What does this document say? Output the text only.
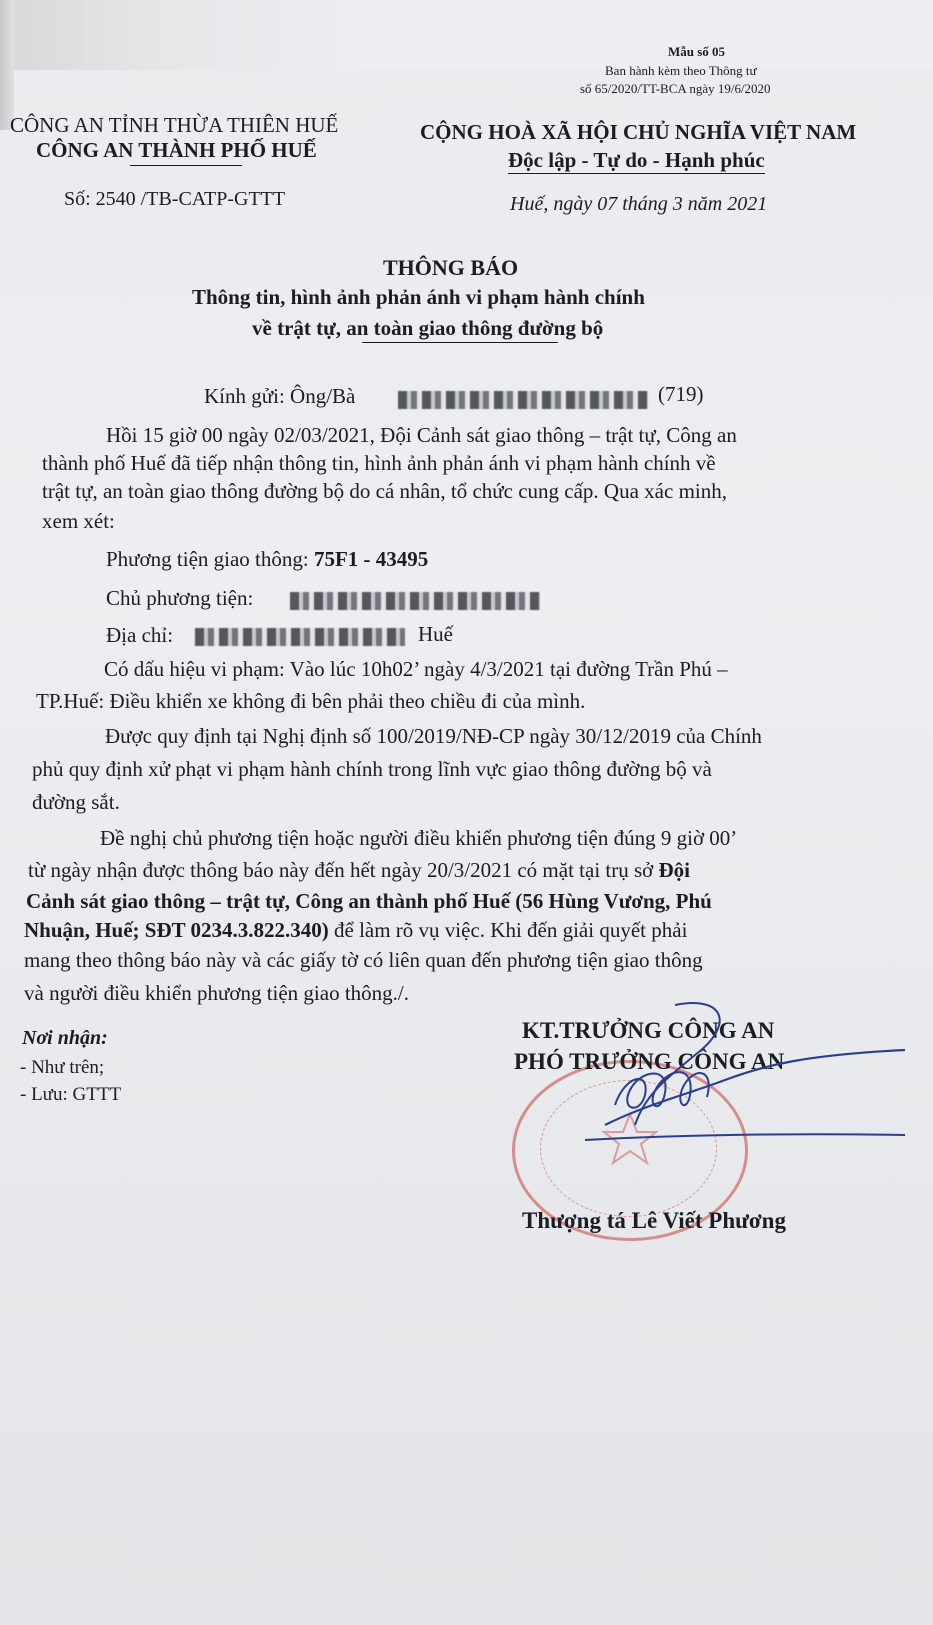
Mẫu số 05
Ban hành kèm theo Thông tư
số 65/2020/TT-BCA ngày 19/6/2020
CÔNG AN TỈNH THỪA THIÊN HUẾ
CÔNG AN THÀNH PHỐ HUẾ
Số: 2540 /TB-CATP-GTTT
CỘNG HOÀ XÃ HỘI CHỦ NGHĨA VIỆT NAM
Độc lập - Tự do - Hạnh phúc
Huế, ngày 07 tháng 3 năm 2021
THÔNG BÁO
Thông tin, hình ảnh phản ánh vi phạm hành chính
về trật tự, an toàn giao thông đường bộ
Kính gửi: Ông/Bà	(719)
Hồi 15 giờ 00 ngày 02/03/2021, Đội Cảnh sát giao thông – trật tự, Công an
thành phố Huế đã tiếp nhận thông tin, hình ảnh phản ánh vi phạm hành chính về
trật tự, an toàn giao thông đường bộ do cá nhân, tổ chức cung cấp. Qua xác minh,
xem xét:
Phương tiện giao thông: 75F1 - 43495
Chủ phương tiện:
Địa chỉ:	Huế
Có dấu hiệu vi phạm: Vào lúc 10h02’ ngày 4/3/2021 tại đường Trần Phú –
TP.Huế: Điều khiển xe không đi bên phải theo chiều đi của mình.
Được quy định tại Nghị định số 100/2019/NĐ-CP ngày 30/12/2019 của Chính
phủ quy định xử phạt vi phạm hành chính trong lĩnh vực giao thông đường bộ và
đường sắt.
Đề nghị chủ phương tiện hoặc người điều khiển phương tiện đúng 9 giờ 00’
từ ngày nhận được thông báo này đến hết ngày 20/3/2021 có mặt tại trụ sở Đội
Cảnh sát giao thông – trật tự, Công an thành phố Huế (56 Hùng Vương, Phú
Nhuận, Huế; SĐT 0234.3.822.340) để làm rõ vụ việc. Khi đến giải quyết phải
mang theo thông báo này và các giấy tờ có liên quan đến phương tiện giao thông
và người điều khiển phương tiện giao thông./.
Nơi nhận:
- Như trên;
- Lưu: GTTT
KT.TRƯỞNG CÔNG AN
PHÓ TRƯỞNG CÔNG AN
Thượng tá Lê Viết Phương
